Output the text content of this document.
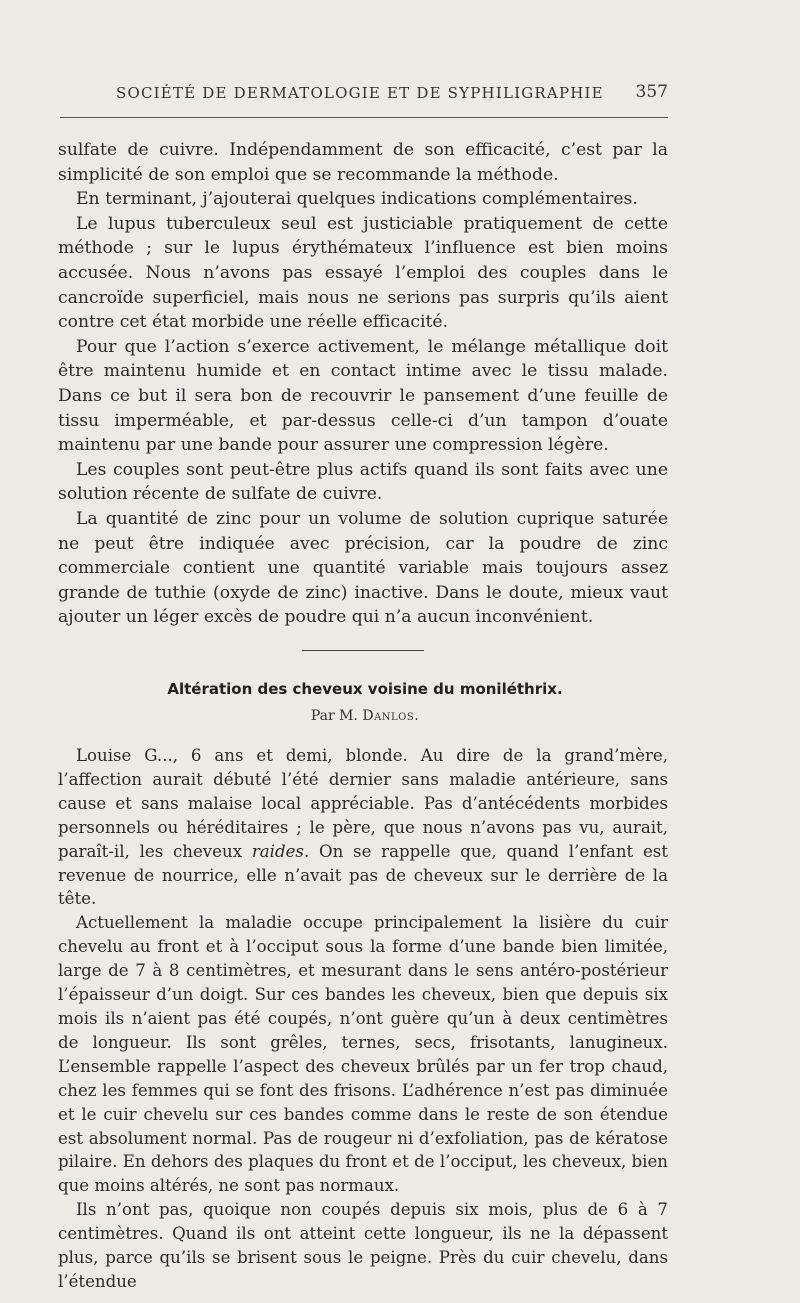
SOCIÉTÉ DE DERMATOLOGIE ET DE SYPHILIGRAPHIE 357

sulfate de cuivre. Indépendamment de son efficacité, c’est par la simplicité de son emploi que se recommande la méthode.

En terminant, j’ajouterai quelques indications complémentaires.

Le lupus tuberculeux seul est justiciable pratiquement de cette méthode ; sur le lupus érythémateux l’influence est bien moins accusée. Nous n’avons pas essayé l’emploi des couples dans le cancroïde superficiel, mais nous ne serions pas surpris qu’ils aient contre cet état morbide une réelle efficacité.

Pour que l’action s’exerce activement, le mélange métallique doit être maintenu humide et en contact intime avec le tissu malade. Dans ce but il sera bon de recouvrir le pansement d’une feuille de tissu imperméable, et par-dessus celle-ci d’un tampon d’ouate maintenu par une bande pour assurer une compression légère.

Les couples sont peut-être plus actifs quand ils sont faits avec une solution récente de sulfate de cuivre.

La quantité de zinc pour un volume de solution cuprique saturée ne peut être indiquée avec précision, car la poudre de zinc commerciale contient une quantité variable mais toujours assez grande de tuthie (oxyde de zinc) inactive. Dans le doute, mieux vaut ajouter un léger excès de poudre qui n’a aucun inconvénient.

Altération des cheveux voisine du moniléthrix.
Par M. Danlos.

Louise G..., 6 ans et demi, blonde. Au dire de la grand’mère, l’affection aurait débuté l’été dernier sans maladie antérieure, sans cause et sans malaise local appréciable. Pas d’antécédents morbides personnels ou héréditaires ; le père, que nous n’avons pas vu, aurait, paraît-il, les cheveux raides. On se rappelle que, quand l’enfant est revenue de nourrice, elle n’avait pas de cheveux sur le derrière de la tête.

Actuellement la maladie occupe principalement la lisière du cuir chevelu au front et à l’occiput sous la forme d’une bande bien limitée, large de 7 à 8 centimètres, et mesurant dans le sens antéro-postérieur l’épaisseur d’un doigt. Sur ces bandes les cheveux, bien que depuis six mois ils n’aient pas été coupés, n’ont guère qu’un à deux centimètres de longueur. Ils sont grêles, ternes, secs, frisotants, lanugineux. L’ensemble rappelle l’aspect des cheveux brûlés par un fer trop chaud, chez les femmes qui se font des frisons. L’adhérence n’est pas diminuée et le cuir chevelu sur ces bandes comme dans le reste de son étendue est absolument normal. Pas de rougeur ni d’exfoliation, pas de kératose pilaire. En dehors des plaques du front et de l’occiput, les cheveux, bien que moins altérés, ne sont pas normaux.

Ils n’ont pas, quoique non coupés depuis six mois, plus de 6 à 7 centimètres. Quand ils ont atteint cette longueur, ils ne la dépassent plus, parce qu’ils se brisent sous le peigne. Près du cuir chevelu, dans l’étendue
